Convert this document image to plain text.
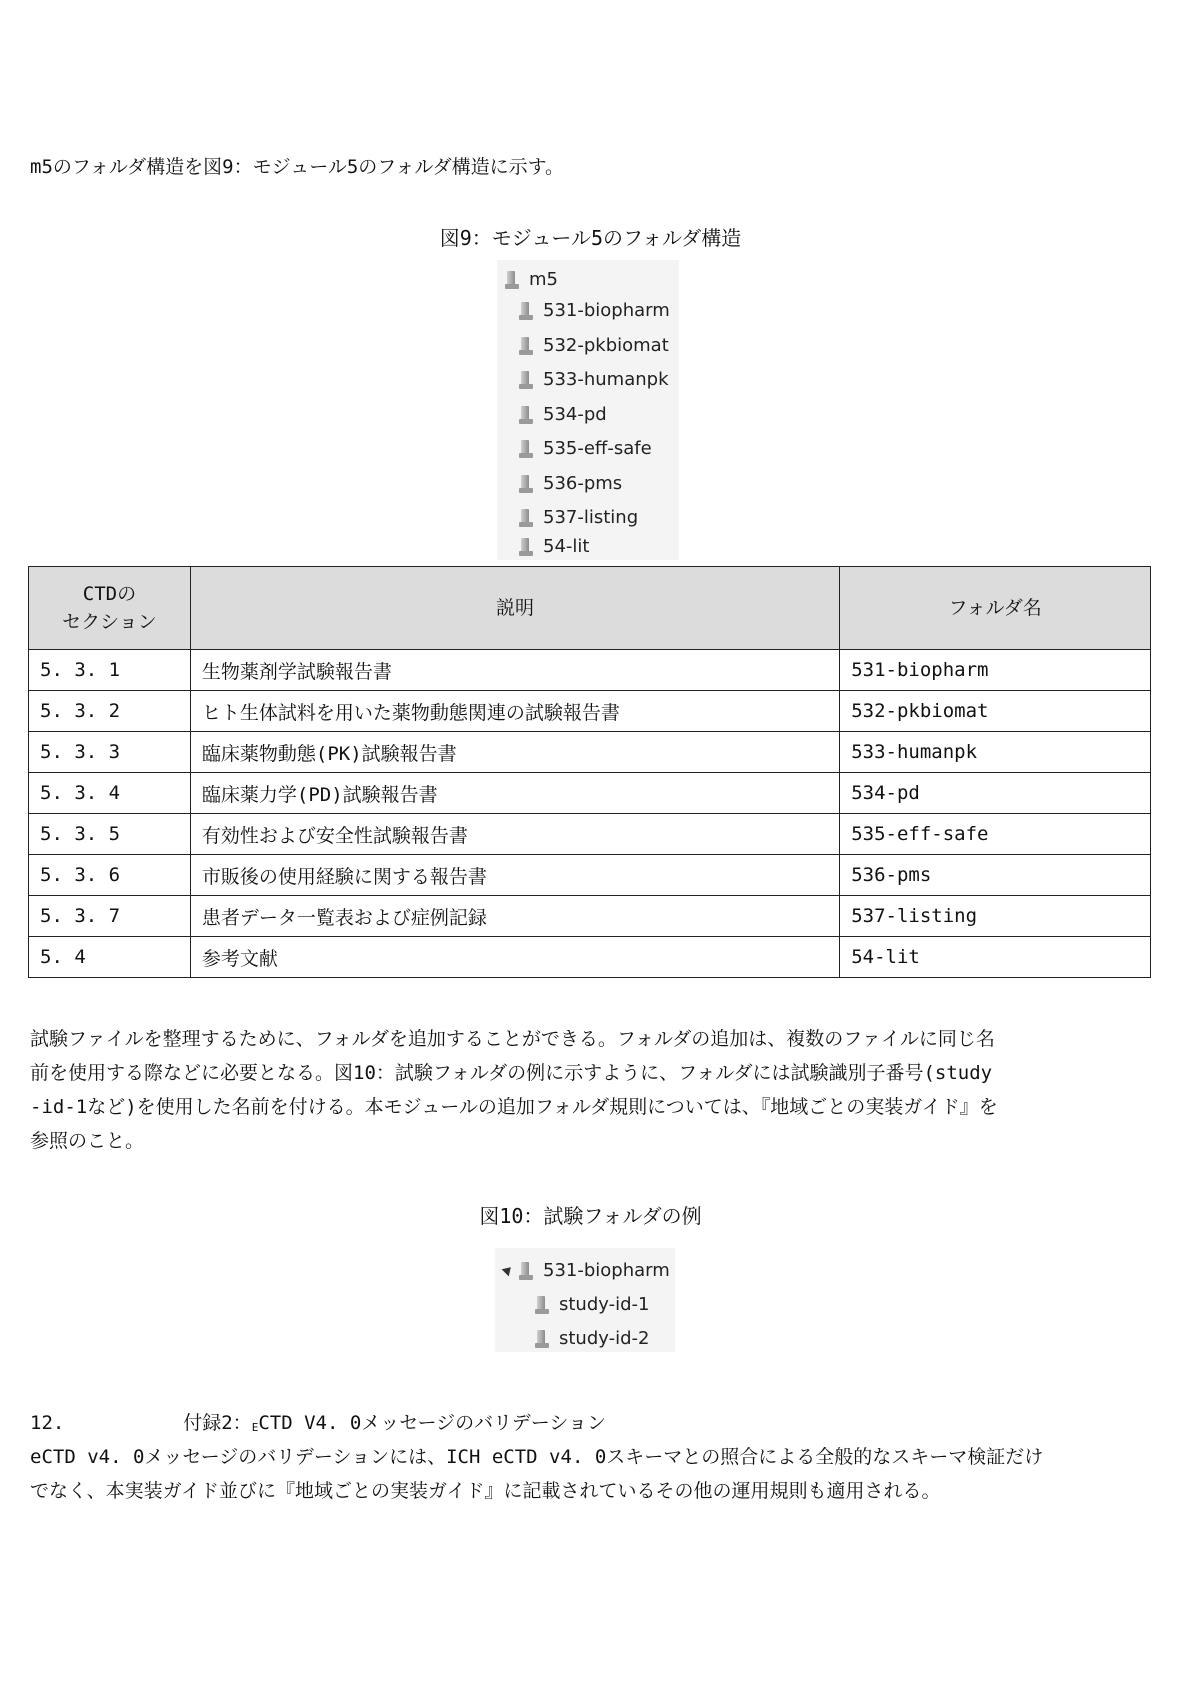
m5のフォルダ構造を図9：モジュール5のフォルダ構造に示す。

図9：モジュール5のフォルダ構造
m5
531-biopharm
532-pkbiomat
533-humanpk
534-pd
535-eff-safe
536-pms
537-listing
54-lit
CTDの
セクション	説明	フォルダ名
5. 3. 1	生物薬剤学試験報告書	531-biopharm
5. 3. 2	ヒト生体試料を用いた薬物動態関連の試験報告書	532-pkbiomat
5. 3. 3	臨床薬物動態(PK)試験報告書	533-humanpk
5. 3. 4	臨床薬力学(PD)試験報告書	534-pd
5. 3. 5	有効性および安全性試験報告書	535-eff-safe
5. 3. 6	市販後の使用経験に関する報告書	536-pms
5. 3. 7	患者データ一覧表および症例記録	537-listing
5. 4	参考文献	54-lit
試験ファイルを整理するために、フォルダを追加することができる。フォルダの追加は、複数のファイルに同じ名
前を使用する際などに必要となる。図10：試験フォルダの例に示すように、フォルダには試験識別子番号(study
-id-1など)を使用した名前を付ける。本モジュールの追加フォルダ規則については、『地域ごとの実装ガイド』を
参照のこと。
図10：試験フォルダの例
531-biopharm
study-id-1
study-id-2
12.	付録2：ECTD V4. 0メッセージのバリデーション
eCTD v4. 0メッセージのバリデーションには、ICH eCTD v4. 0スキーマとの照合による全般的なスキーマ検証だけ
でなく、本実装ガイド並びに『地域ごとの実装ガイド』に記載されているその他の運用規則も適用される。
